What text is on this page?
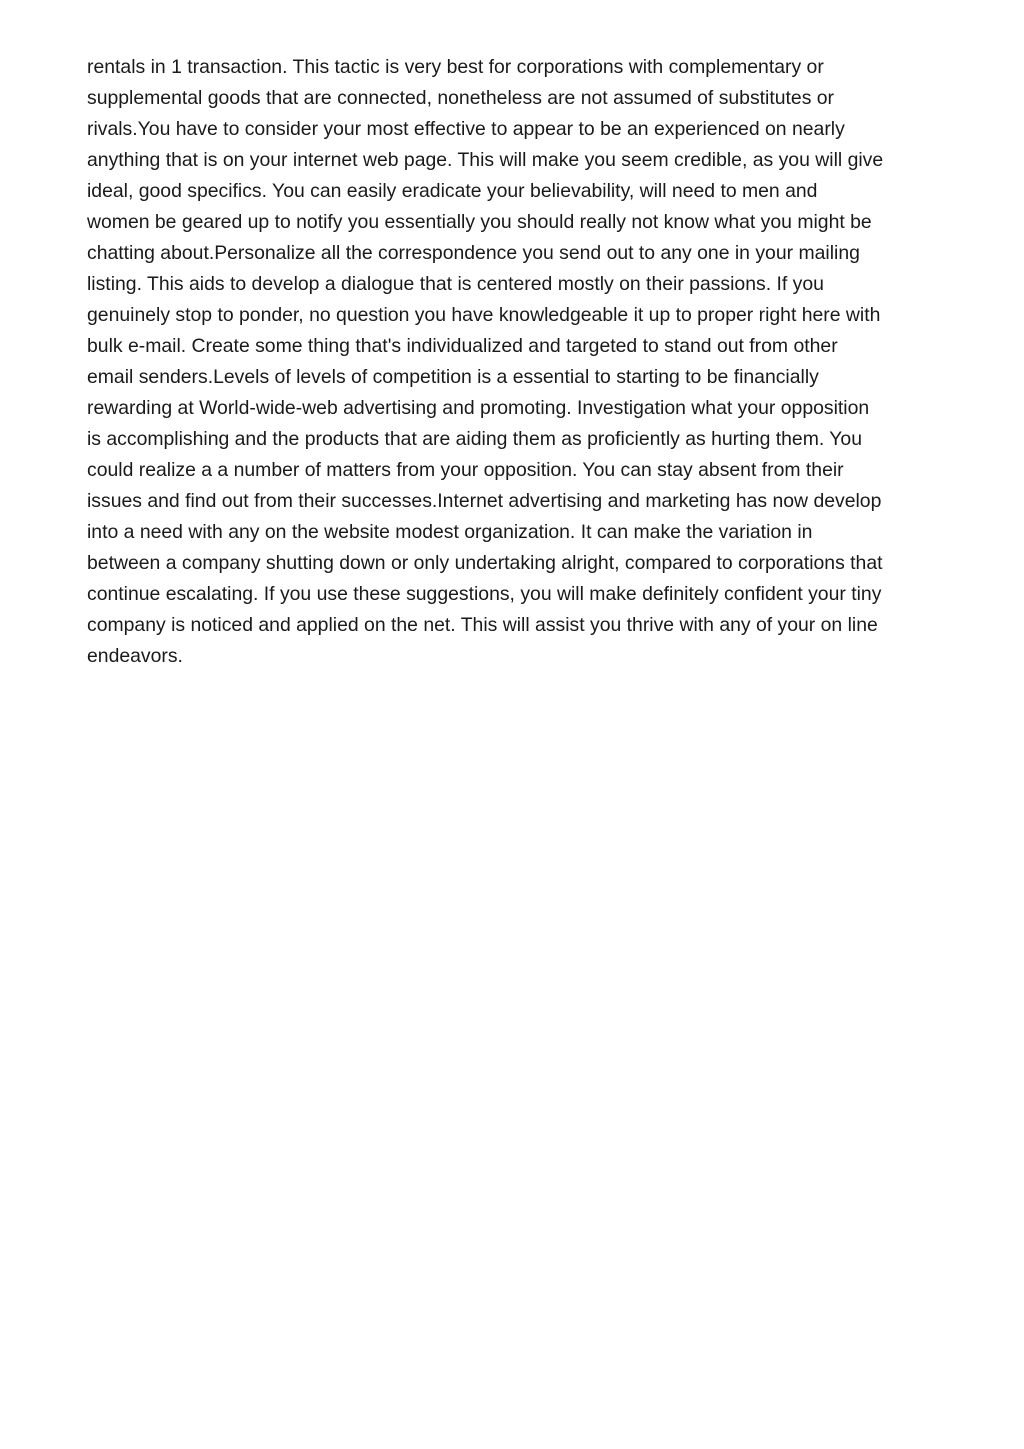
rentals in 1 transaction. This tactic is very best for corporations with complementary or
supplemental goods that are connected, nonetheless are not assumed of substitutes or
rivals.You have to consider your most effective to appear to be an experienced on nearly
anything that is on your internet web page. This will make you seem credible, as you will give
ideal, good specifics. You can easily eradicate your believability, will need to men and
women be geared up to notify you essentially you should really not know what you might be
chatting about.Personalize all the correspondence you send out to any one in your mailing
listing. This aids to develop a dialogue that is centered mostly on their passions. If you
genuinely stop to ponder, no question you have knowledgeable it up to proper right here with
bulk e-mail. Create some thing that's individualized and targeted to stand out from other
email senders.Levels of levels of competition is a essential to starting to be financially
rewarding at World-wide-web advertising and promoting. Investigation what your opposition
is accomplishing and the products that are aiding them as proficiently as hurting them. You
could realize a a number of matters from your opposition. You can stay absent from their
issues and find out from their successes.Internet advertising and marketing has now develop
into a need with any on the website modest organization. It can make the variation in
between a company shutting down or only undertaking alright, compared to corporations that
continue escalating. If you use these suggestions, you will make definitely confident your tiny
company is noticed and applied on the net. This will assist you thrive with any of your on line
endeavors.
